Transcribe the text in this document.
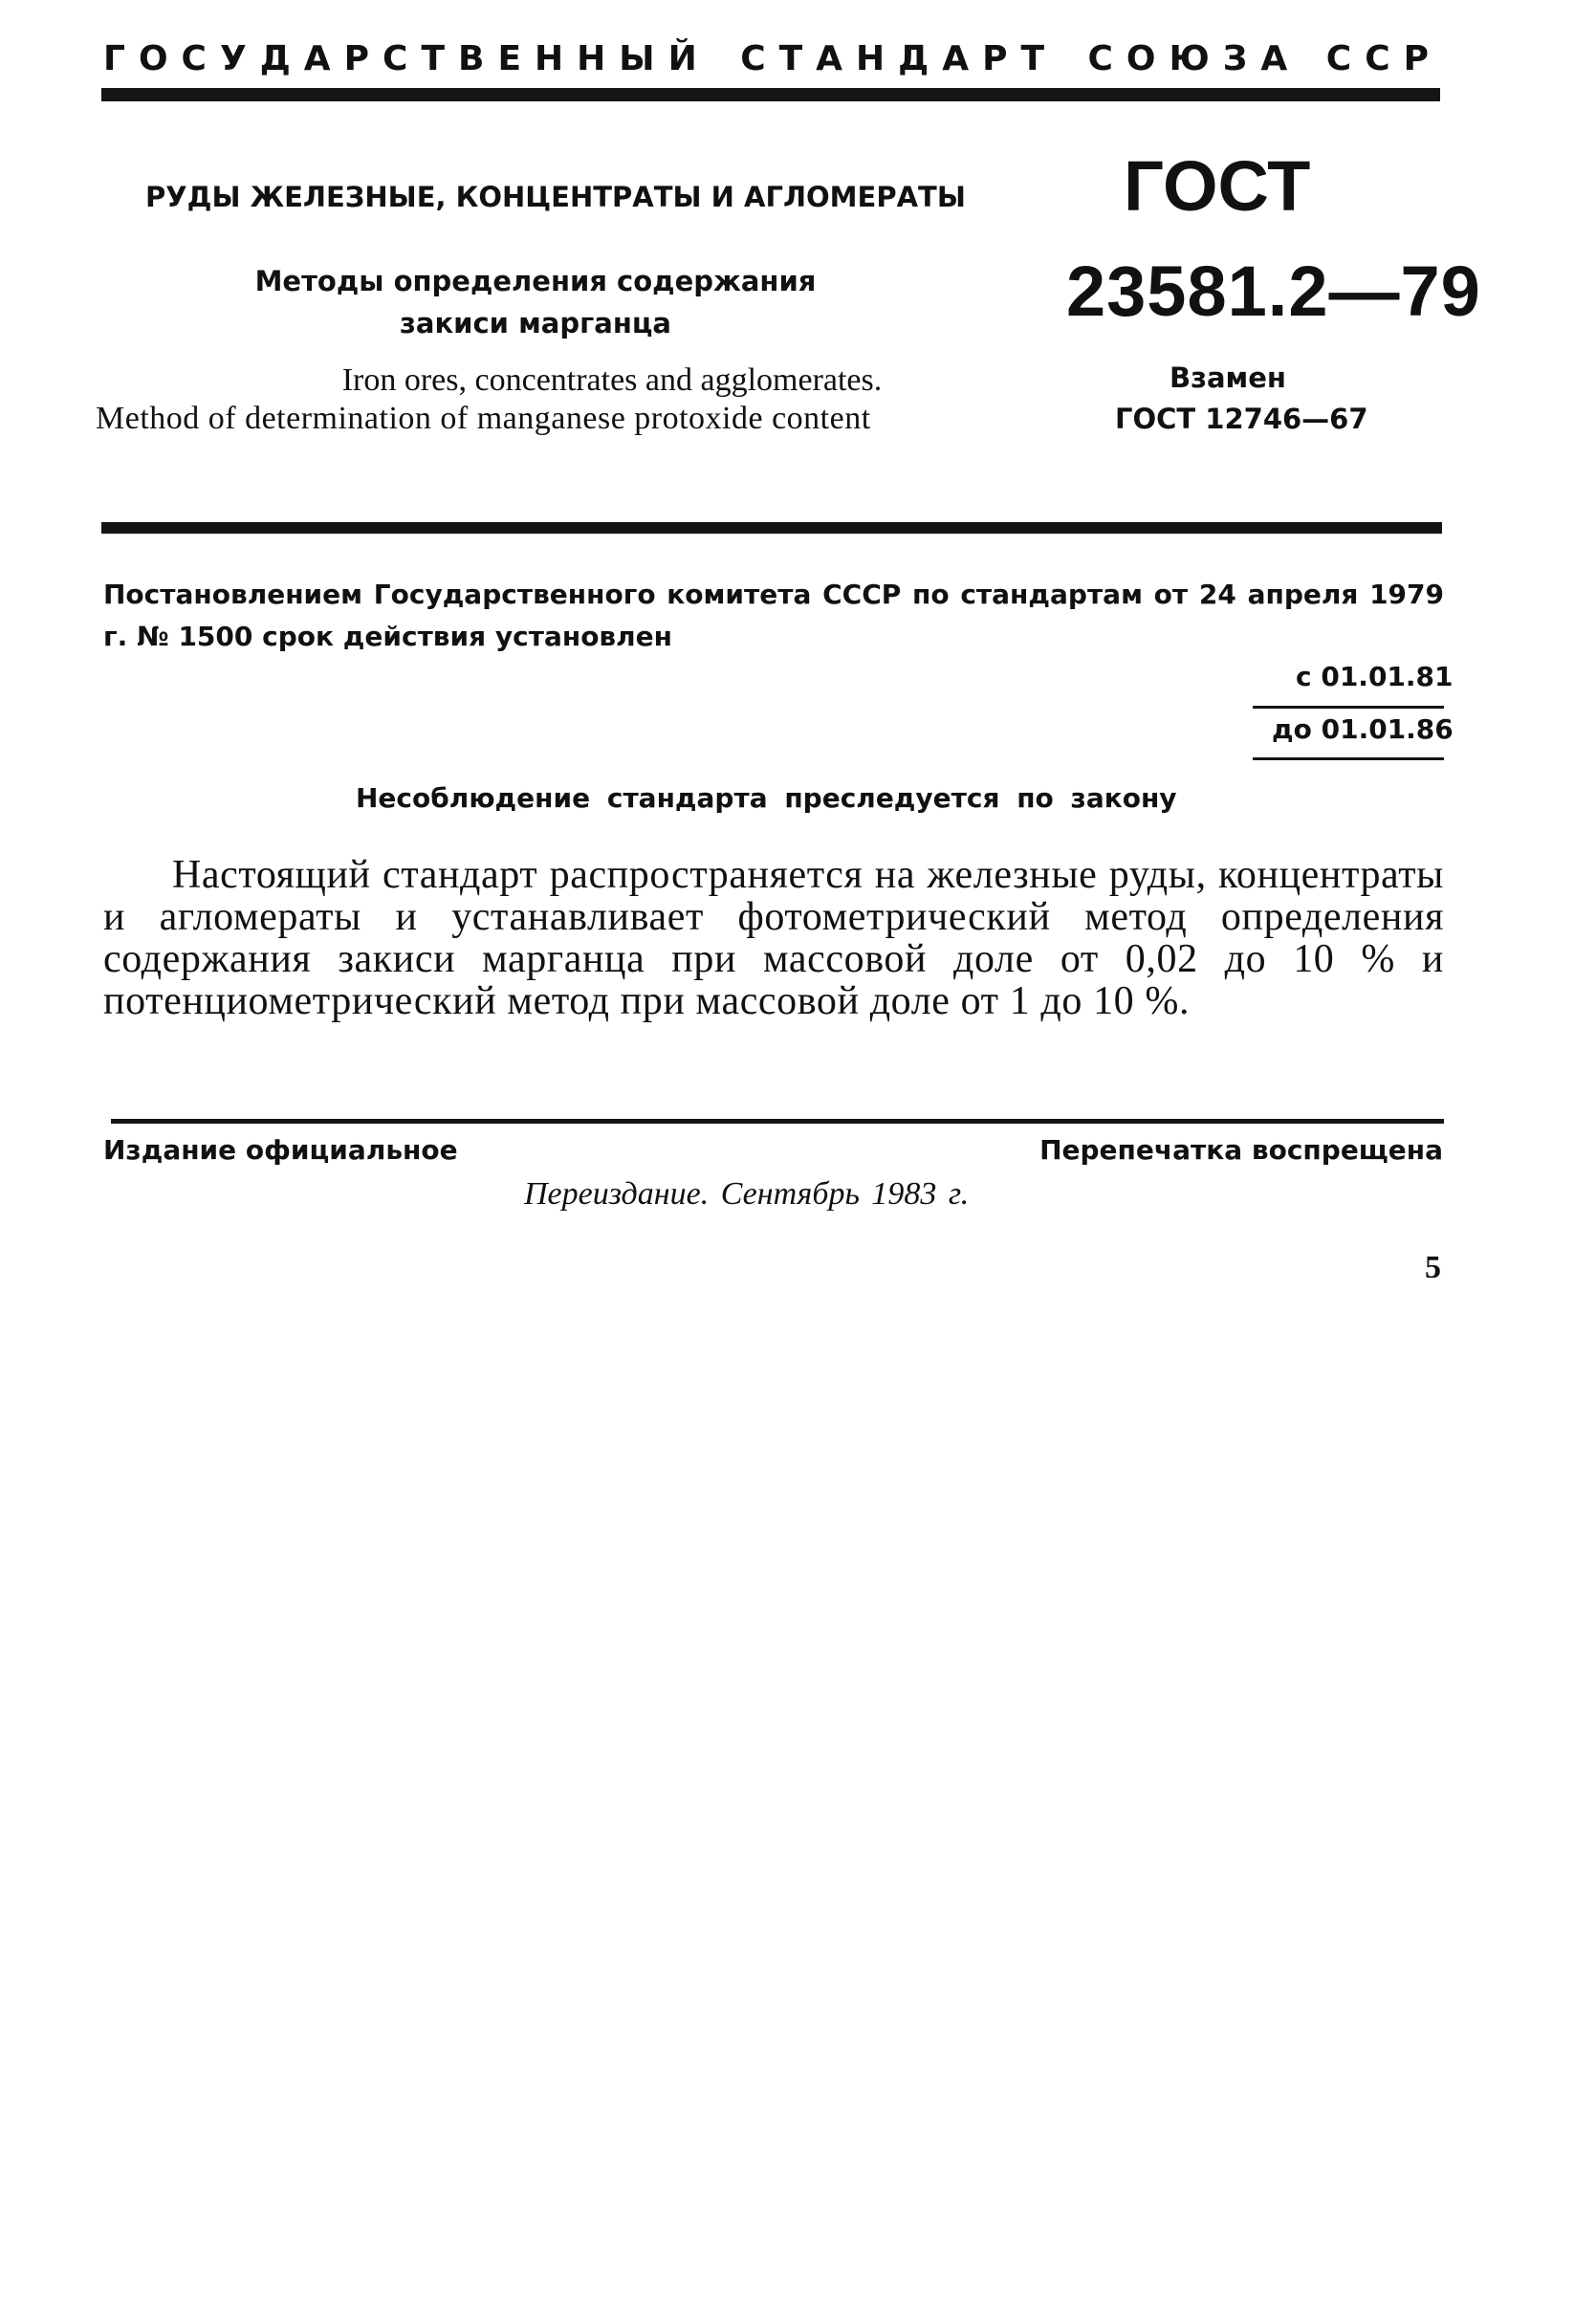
ГОСУДАРСТВЕННЫЙ СТАНДАРТ СОЮЗА ССР
РУДЫ ЖЕЛЕЗНЫЕ, КОНЦЕНТРАТЫ И АГЛОМЕРАТЫ
Методы определения содержания
закиси марганца
Iron ores, concentrates and agglomerates.
Method of determination of manganese protoxide content
ГОСТ
23581.2—79
Взамен
ГОСТ 12746—67
Постановлением Государственного комитета СССР по стандартам от 24 апреля 1979 г. № 1500 срок действия установлен
с 01.01.81
до 01.01.86
Несоблюдение стандарта преследуется по закону
Настоящий стандарт распространяется на железные руды, концентраты и агломераты и устанавливает фотометрический метод определения содержания закиси марганца при массовой доле от 0,02 до 10 % и потенциометрический метод при массовой доле от 1 до 10 %.
Издание официальное	Перепечатка воспрещена
Переиздание. Сентябрь 1983 г.
5
